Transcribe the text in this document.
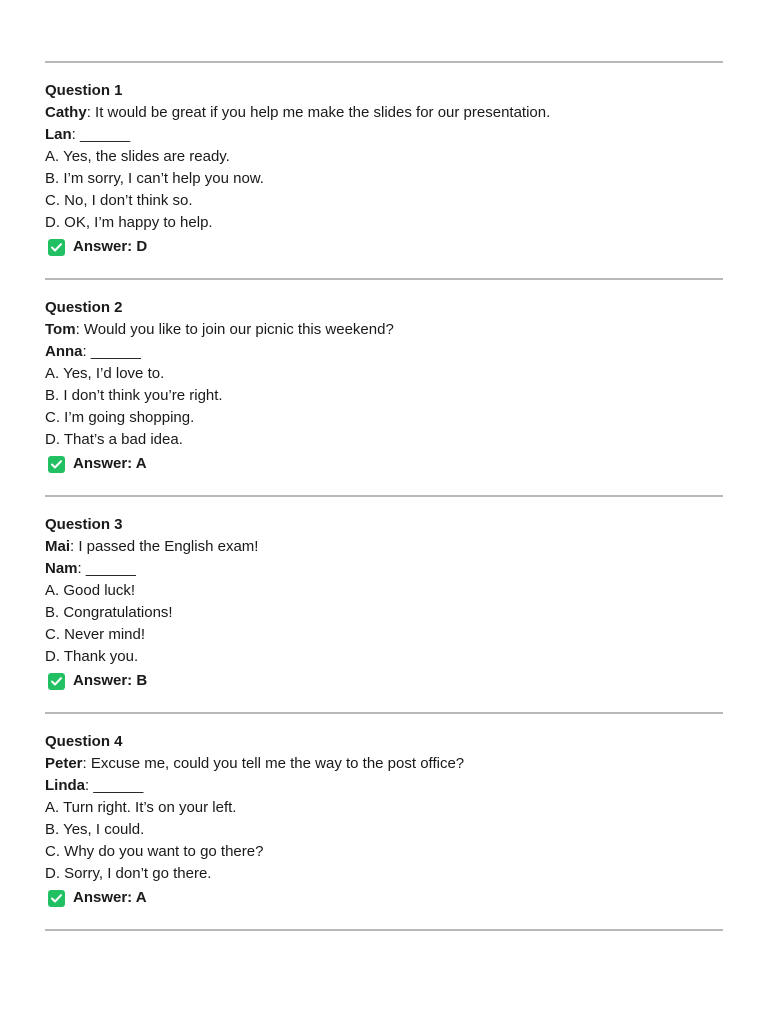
Question 1
Cathy: It would be great if you help me make the slides for our presentation.
Lan: ______
A. Yes, the slides are ready.
B. I’m sorry, I can’t help you now.
C. No, I don’t think so.
D. OK, I’m happy to help.
Answer: D
Question 2
Tom: Would you like to join our picnic this weekend?
Anna: ______
A. Yes, I’d love to.
B. I don’t think you’re right.
C. I’m going shopping.
D. That’s a bad idea.
Answer: A
Question 3
Mai: I passed the English exam!
Nam: ______
A. Good luck!
B. Congratulations!
C. Never mind!
D. Thank you.
Answer: B
Question 4
Peter: Excuse me, could you tell me the way to the post office?
Linda: ______
A. Turn right. It’s on your left.
B. Yes, I could.
C. Why do you want to go there?
D. Sorry, I don’t go there.
Answer: A
